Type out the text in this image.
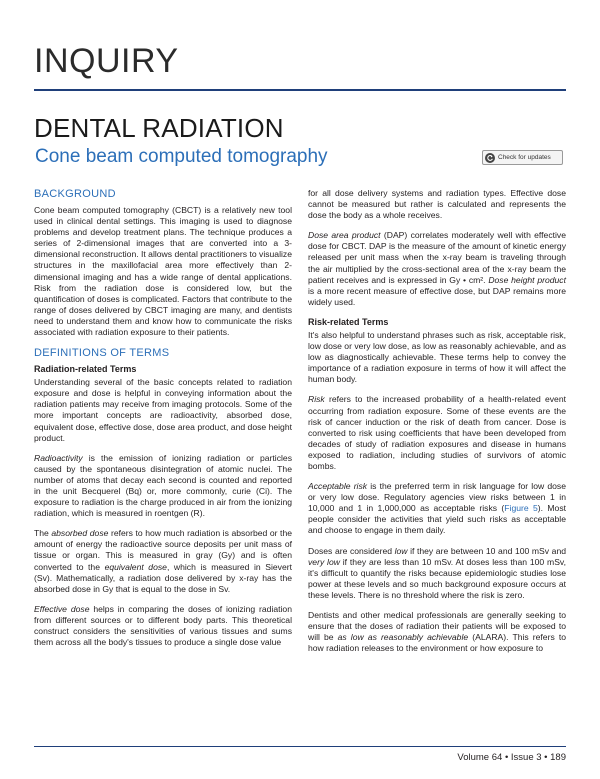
INQUIRY
DENTAL RADIATION
Cone beam computed tomography	Check for updates
BACKGROUND

Cone beam computed tomography (CBCT) is a relatively new tool used in clinical dental settings. This imaging is used to diagnose problems and develop treatment plans. The technique produces a series of 2-dimensional images that are converted into a 3-dimensional reconstruction. It allows dental practitioners to visualize structures in the maxillofacial area more effectively than 2-dimensional imaging and has a wide range of dental applications. Risk from the radiation dose is considered low, but the quantification of doses is complicated. Factors that contribute to the range of doses delivered by CBCT imaging are many, and dentists need to understand them and know how to communicate the risks associated with radiation exposure to their patients.

DEFINITIONS OF TERMS
Radiation-related Terms

Understanding several of the basic concepts related to radiation exposure and dose is helpful in conveying information about the radiation patients may receive from imaging protocols. Some of the more important concepts are radioactivity, absorbed dose, equivalent dose, effective dose, dose area product, and dose height product.

Radioactivity is the emission of ionizing radiation or particles caused by the spontaneous disintegration of atomic nuclei. The number of atoms that decay each second is counted and reported in the unit Becquerel (Bq) or, more commonly, curie (Ci). The exposure to radiation is the charge produced in air from the ionizing radiation, which is measured in roentgen (R).

The absorbed dose refers to how much radiation is absorbed or the amount of energy the radioactive source deposits per unit mass of tissue or organ. This is measured in gray (Gy) and is often converted to the equivalent dose, which is measured in Sievert (Sv). Mathematically, a radiation dose delivered by x-ray has the absorbed dose in Gy that is equal to the dose in Sv.

Effective dose helps in comparing the doses of ionizing radiation from different sources or to different body parts. This theoretical construct considers the sensitivities of various tissues and sums them across all the body's tissues to produce a single dose value

for all dose delivery systems and radiation types. Effective dose cannot be measured but rather is calculated and represents the dose the body as a whole receives.

Dose area product (DAP) correlates moderately well with effective dose for CBCT. DAP is the measure of the amount of kinetic energy released per unit mass when the x-ray beam is traveling through the air multiplied by the cross-sectional area of the x-ray beam the patient receives and is expressed in Gy • cm². Dose height product is a more recent measure of effective dose, but DAP remains more widely used.

Risk-related Terms

It's also helpful to understand phrases such as risk, acceptable risk, low dose or very low dose, as low as reasonably achievable, and as low as diagnostically achievable. These terms help to convey the importance of a radiation exposure in terms of how it will affect the human body.

Risk refers to the increased probability of a health-related event occurring from radiation exposure. Some of these events are the risk of cancer induction or the risk of death from cancer. Dose is converted to risk using coefficients that have been developed from decades of study of radiation exposures and disease in humans exposed to radiation, including studies of survivors of atomic bombs.

Acceptable risk is the preferred term in risk language for low dose or very low dose. Regulatory agencies view risks between 1 in 10,000 and 1 in 1,000,000 as acceptable risks (Figure 5). Most people consider the activities that yield such risks as acceptable and choose to engage in them daily.

Doses are considered low if they are between 10 and 100 mSv and very low if they are less than 10 mSv. At doses less than 100 mSv, it's difficult to quantify the risks because epidemiologic studies lose power at these levels and so much background exposure occurs at these levels. There is no threshold where the risk is zero.

Dentists and other medical professionals are generally seeking to ensure that the doses of radiation their patients will be exposed to will be as low as reasonably achievable (ALARA). This refers to how radiation releases to the environment or how exposure to

Volume 64 • Issue 3 • 189
